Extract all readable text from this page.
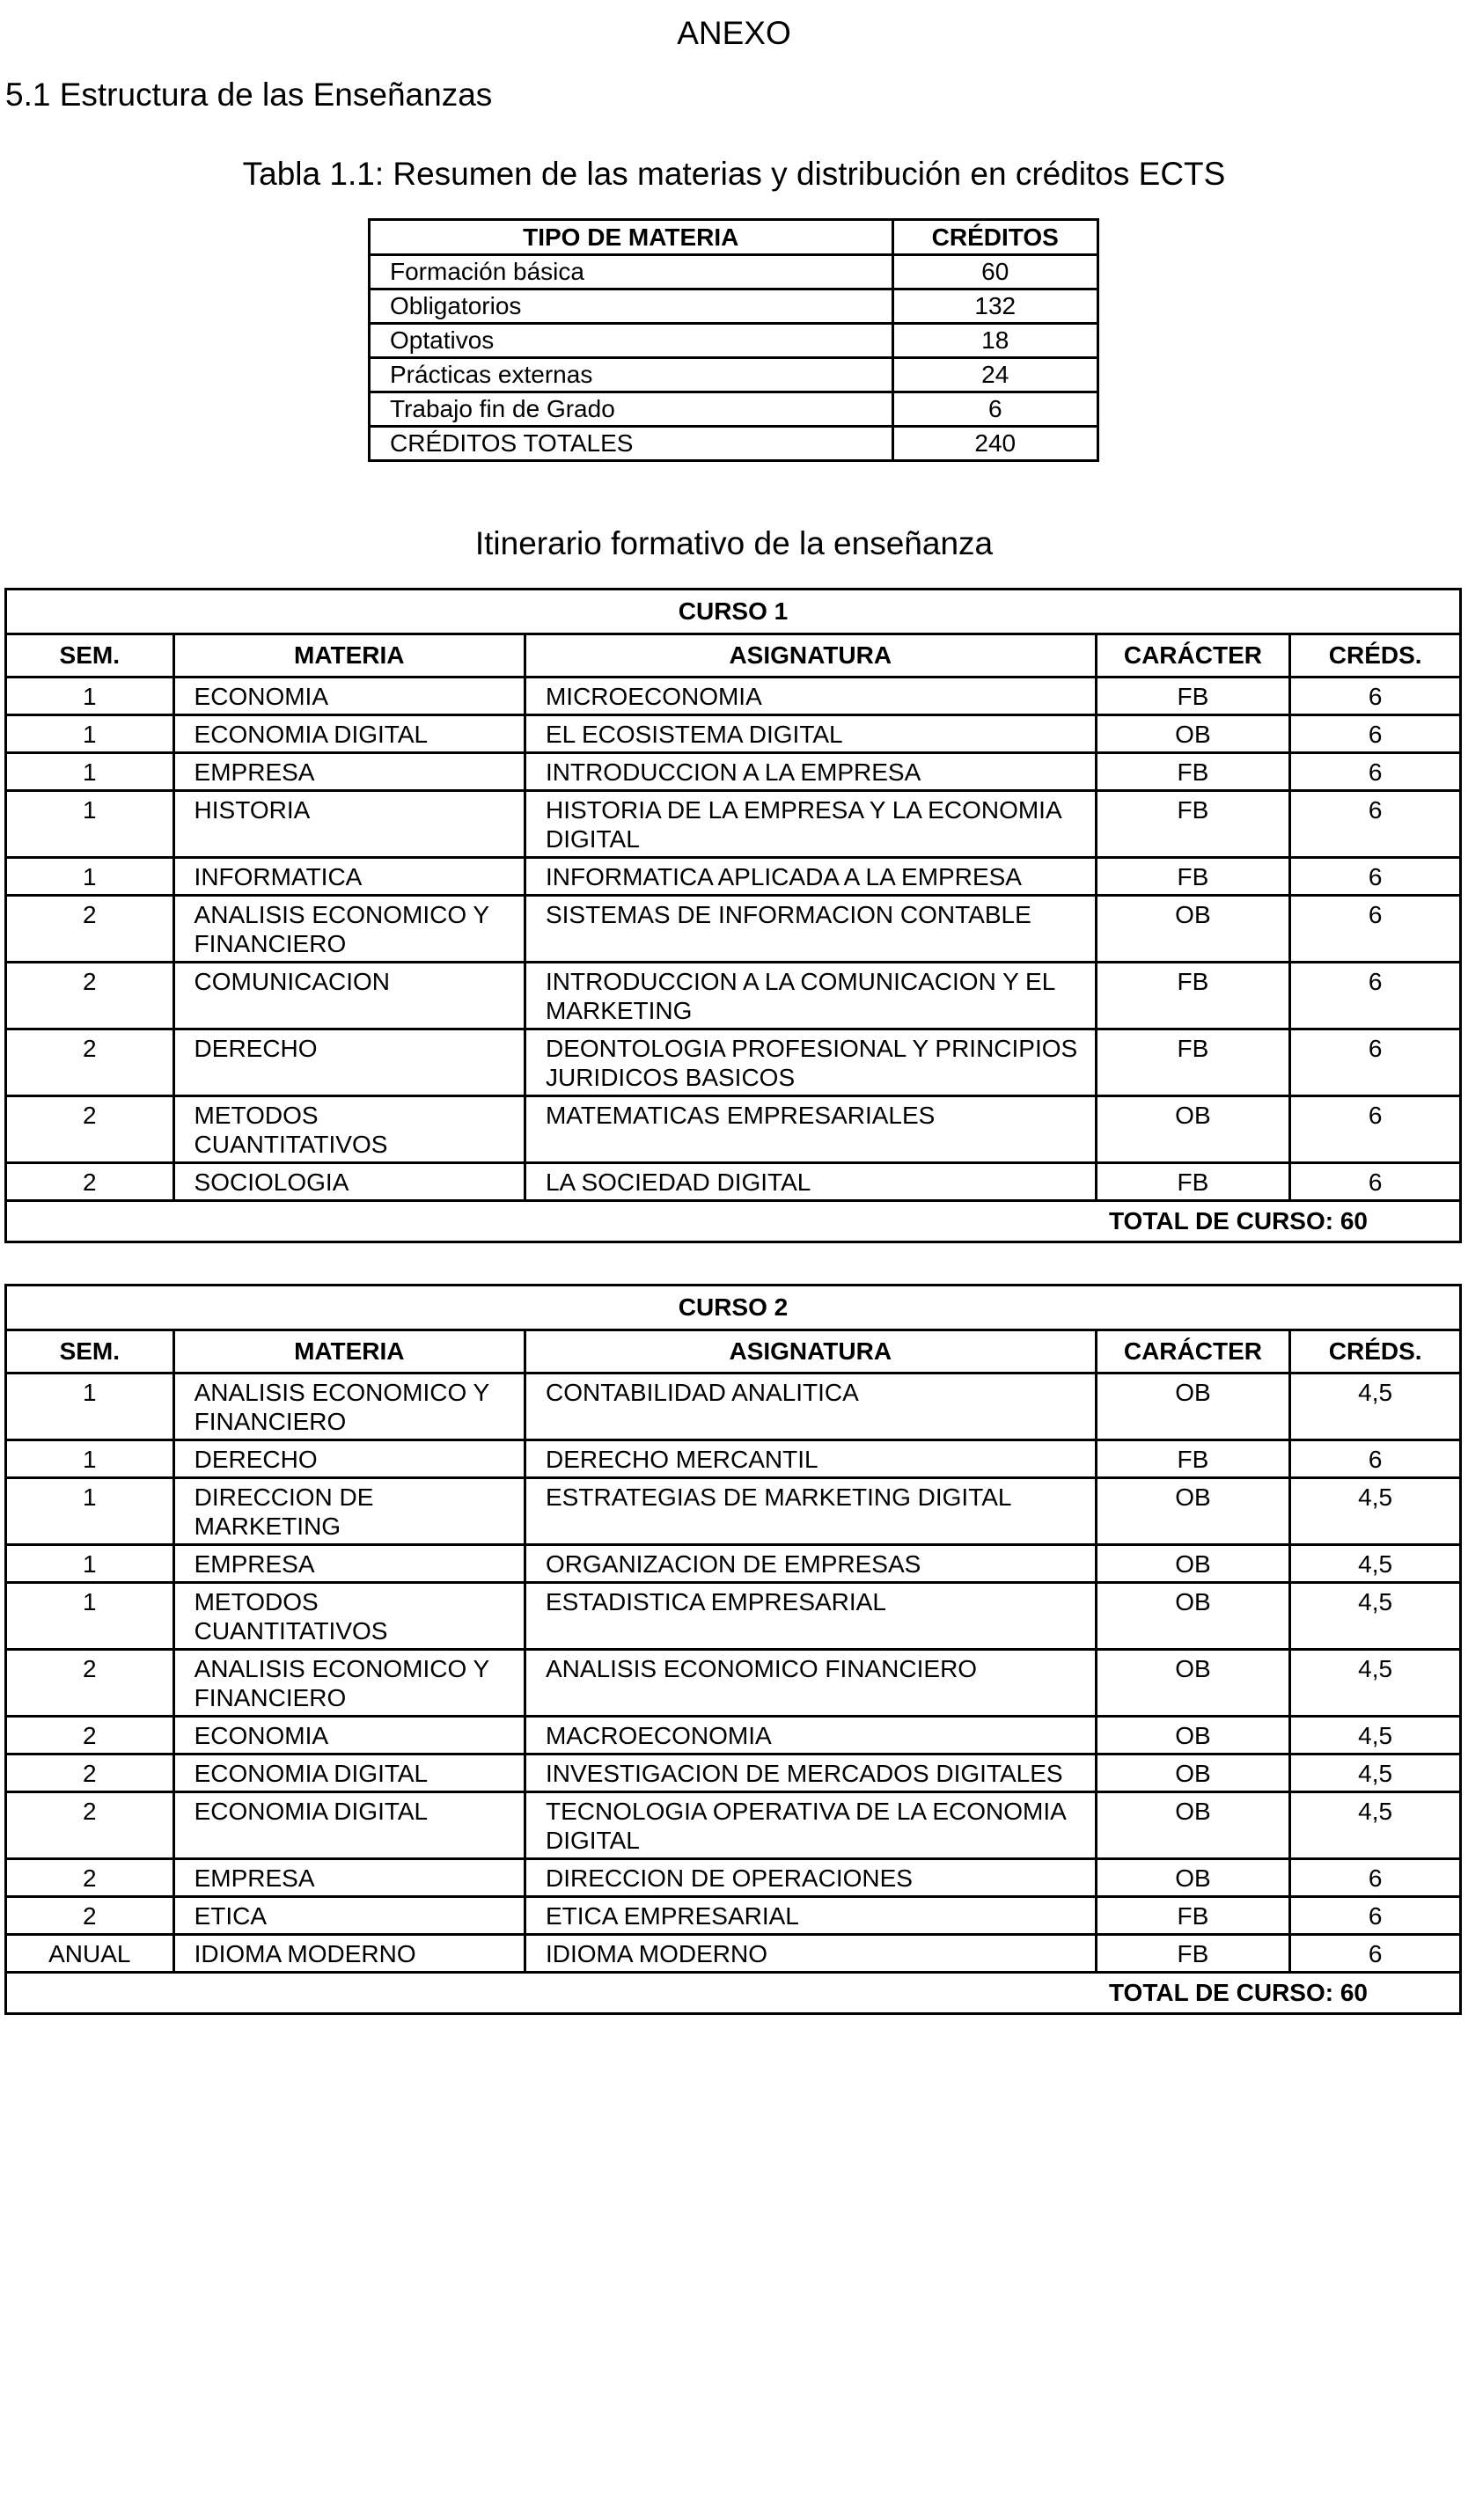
ANEXO
5.1 Estructura de las Enseñanzas
Tabla 1.1: Resumen de las materias y distribución en créditos ECTS
TIPO DE MATERIA	CRÉDITOS
Formación básica	60
Obligatorios	132
Optativos	18
Prácticas externas	24
Trabajo fin de Grado	6
CRÉDITOS TOTALES	240
Itinerario formativo de la enseñanza
CURSO 1				
SEM.	MATERIA	ASIGNATURA	CARÁCTER	CRÉDS.
1	ECONOMIA	MICROECONOMIA	FB	6
1	ECONOMIA DIGITAL	EL ECOSISTEMA DIGITAL	OB	6
1	EMPRESA	INTRODUCCION A LA EMPRESA	FB	6
1	HISTORIA	HISTORIA DE LA EMPRESA Y LA ECONOMIA DIGITAL	FB	6
1	INFORMATICA	INFORMATICA APLICADA A LA EMPRESA	FB	6
2	ANALISIS ECONOMICO Y FINANCIERO	SISTEMAS DE INFORMACION CONTABLE	OB	6
2	COMUNICACION	INTRODUCCION A LA COMUNICACION Y EL MARKETING	FB	6
2	DERECHO	DEONTOLOGIA PROFESIONAL Y PRINCIPIOS JURIDICOS BASICOS	FB	6
2	METODOS CUANTITATIVOS	MATEMATICAS EMPRESARIALES	OB	6
2	SOCIOLOGIA	LA SOCIEDAD DIGITAL	FB	6
TOTAL DE CURSO: 60				
CURSO 2				
SEM.	MATERIA	ASIGNATURA	CARÁCTER	CRÉDS.
1	ANALISIS ECONOMICO Y FINANCIERO	CONTABILIDAD ANALITICA	OB	4,5
1	DERECHO	DERECHO MERCANTIL	FB	6
1	DIRECCION DE MARKETING	ESTRATEGIAS DE MARKETING DIGITAL	OB	4,5
1	EMPRESA	ORGANIZACION DE EMPRESAS	OB	4,5
1	METODOS CUANTITATIVOS	ESTADISTICA EMPRESARIAL	OB	4,5
2	ANALISIS ECONOMICO Y FINANCIERO	ANALISIS ECONOMICO FINANCIERO	OB	4,5
2	ECONOMIA	MACROECONOMIA	OB	4,5
2	ECONOMIA DIGITAL	INVESTIGACION DE MERCADOS DIGITALES	OB	4,5
2	ECONOMIA DIGITAL	TECNOLOGIA OPERATIVA DE LA ECONOMIA DIGITAL	OB	4,5
2	EMPRESA	DIRECCION DE OPERACIONES	OB	6
2	ETICA	ETICA EMPRESARIAL	FB	6
ANUAL	IDIOMA MODERNO	IDIOMA MODERNO	FB	6
TOTAL DE CURSO: 60				
